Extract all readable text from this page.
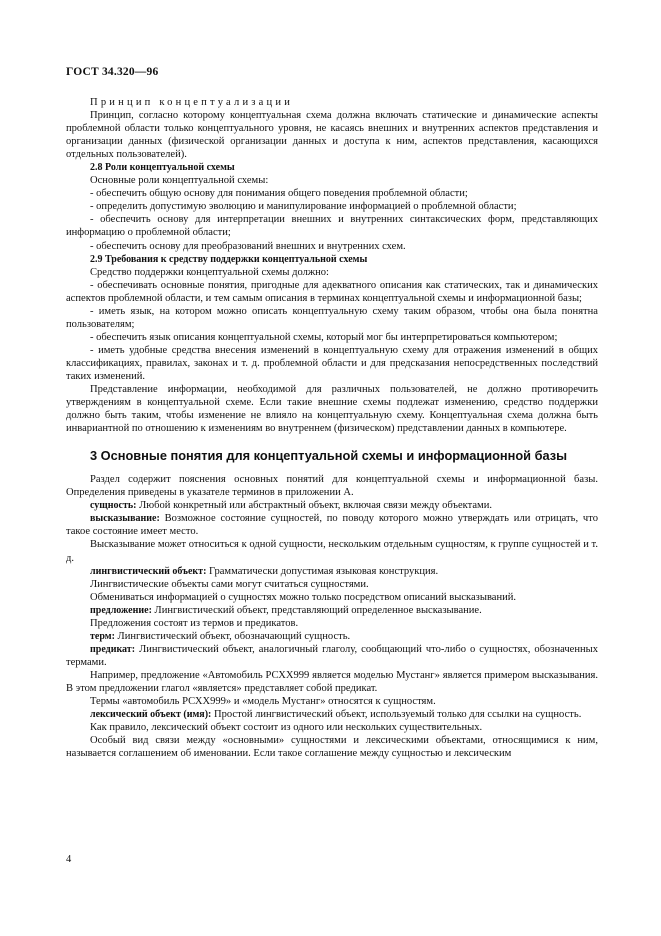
ГОСТ 34.320—96

Принцип концептуализации

Принцип, согласно которому концептуальная схема должна включать статические и динамические аспекты проблемной области только концептуального уровня, не касаясь внешних и внутренних аспектов представления и организации данных (физической организации данных и доступа к ним, аспектов представления, касающихся отдельных пользователей).

2.8 Роли концептуальной схемы

Основные роли концептуальной схемы:

- обеспечить общую основу для понимания общего поведения проблемной области;

- определить допустимую эволюцию и манипулирование информацией о проблемной области;

- обеспечить основу для интерпретации внешних и внутренних синтаксических форм, представляющих информацию о проблемной области;

- обеспечить основу для преобразований внешних и внутренних схем.

2.9 Требования к средству поддержки концептуальной схемы

Средство поддержки концептуальной схемы должно:

- обеспечивать основные понятия, пригодные для адекватного описания как статических, так и динамических аспектов проблемной области, и тем самым описания в терминах концептуальной схемы и информационной базы;

- иметь язык, на котором можно описать концептуальную схему таким образом, чтобы она была понятна пользователям;

- обеспечить язык описания концептуальной схемы, который мог бы интерпретироваться компьютером;

- иметь удобные средства внесения изменений в концептуальную схему для отражения изменений в общих классификациях, правилах, законах и т. д. проблемной области и для предсказания непосредственных последствий таких изменений.

Представление информации, необходимой для различных пользователей, не должно противоречить утверждениям в концептуальной схеме. Если такие внешние схемы подлежат изменению, средство поддержки должно быть таким, чтобы изменение не влияло на концептуальную схему. Концептуальная схема должна быть инвариантной по отношению к изменениям во внутреннем (физическом) представлении данных в компьютере.

3 Основные понятия для концептуальной схемы и информационной базы

Раздел содержит пояснения основных понятий для концептуальной схемы и информационной базы. Определения приведены в указателе терминов в приложении А.

сущность: Любой конкретный или абстрактный объект, включая связи между объектами.

высказывание: Возможное состояние сущностей, по поводу которого можно утверждать или отрицать, что такое состояние имеет место.

Высказывание может относиться к одной сущности, нескольким отдельным сущностям, к группе сущностей и т. д.

лингвистический объект: Грамматически допустимая языковая конструкция.

Лингвистические объекты сами могут считаться сущностями.

Обмениваться информацией о сущностях можно только посредством описаний высказываний.

предложение: Лингвистический объект, представляющий определенное высказывание.

Предложения состоят из термов и предикатов.

терм: Лингвистический объект, обозначающий сущность.

предикат: Лингвистический объект, аналогичный глаголу, сообщающий что-либо о сущностях, обозначенных термами.

Например, предложение «Автомобиль РСХХ999 является моделью Мустанг» является примером высказывания. В этом предложении глагол «является» представляет собой предикат.

Термы «автомобиль РСХХ999» и «модель Мустанг» относятся к сущностям.

лексический объект (имя): Простой лингвистический объект, используемый только для ссылки на сущность.

Как правило, лексический объект состоит из одного или нескольких существительных.

Особый вид связи между «основными» сущностями и лексическими объектами, относящимися к ним, называется соглашением об именовании. Если такое соглашение между сущностью и лексическим

4
